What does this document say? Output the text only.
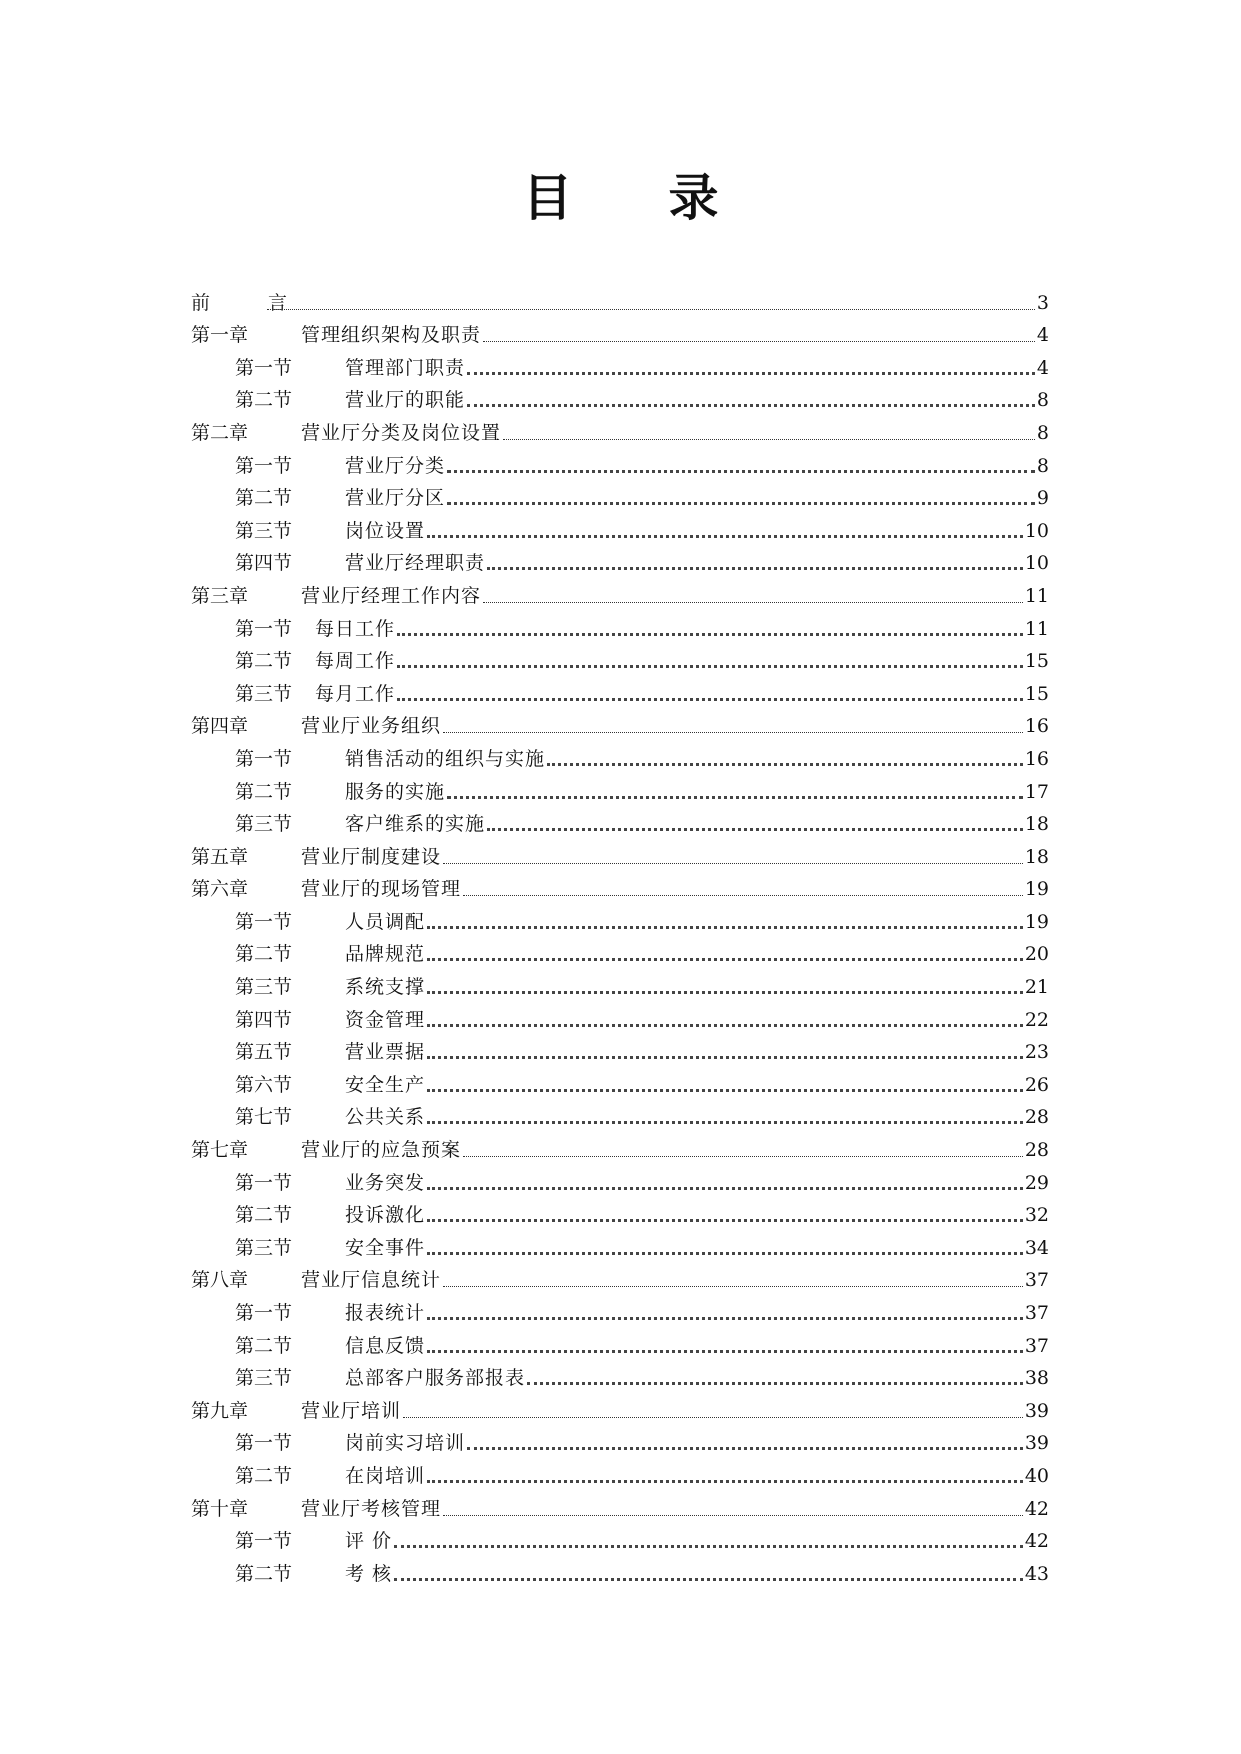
目 录
前 言	3
第一章	管理组织架构及职责	4
第一节	管理部门职责	4
第二节	营业厅的职能	8
第二章	营业厅分类及岗位设置	8
第一节	营业厅分类	8
第二节	营业厅分区	9
第三节	岗位设置	10
第四节	营业厅经理职责	10
第三章	营业厅经理工作内容	11
第一节	每日工作	11
第二节	每周工作	15
第三节	每月工作	15
第四章	营业厅业务组织	16
第一节	销售活动的组织与实施	16
第二节	服务的实施	17
第三节	客户维系的实施	18
第五章	营业厅制度建设	18
第六章	营业厅的现场管理	19
第一节	人员调配	19
第二节	品牌规范	20
第三节	系统支撑	21
第四节	资金管理	22
第五节	营业票据	23
第六节	安全生产	26
第七节	公共关系	28
第七章	营业厅的应急预案	28
第一节	业务突发	29
第二节	投诉激化	32
第三节	安全事件	34
第八章	营业厅信息统计	37
第一节	报表统计	37
第二节	信息反馈	37
第三节	总部客户服务部报表	38
第九章	营业厅培训	39
第一节	岗前实习培训	39
第二节	在岗培训	40
第十章	营业厅考核管理	42
第一节	评 价	42
第二节	考 核	43
